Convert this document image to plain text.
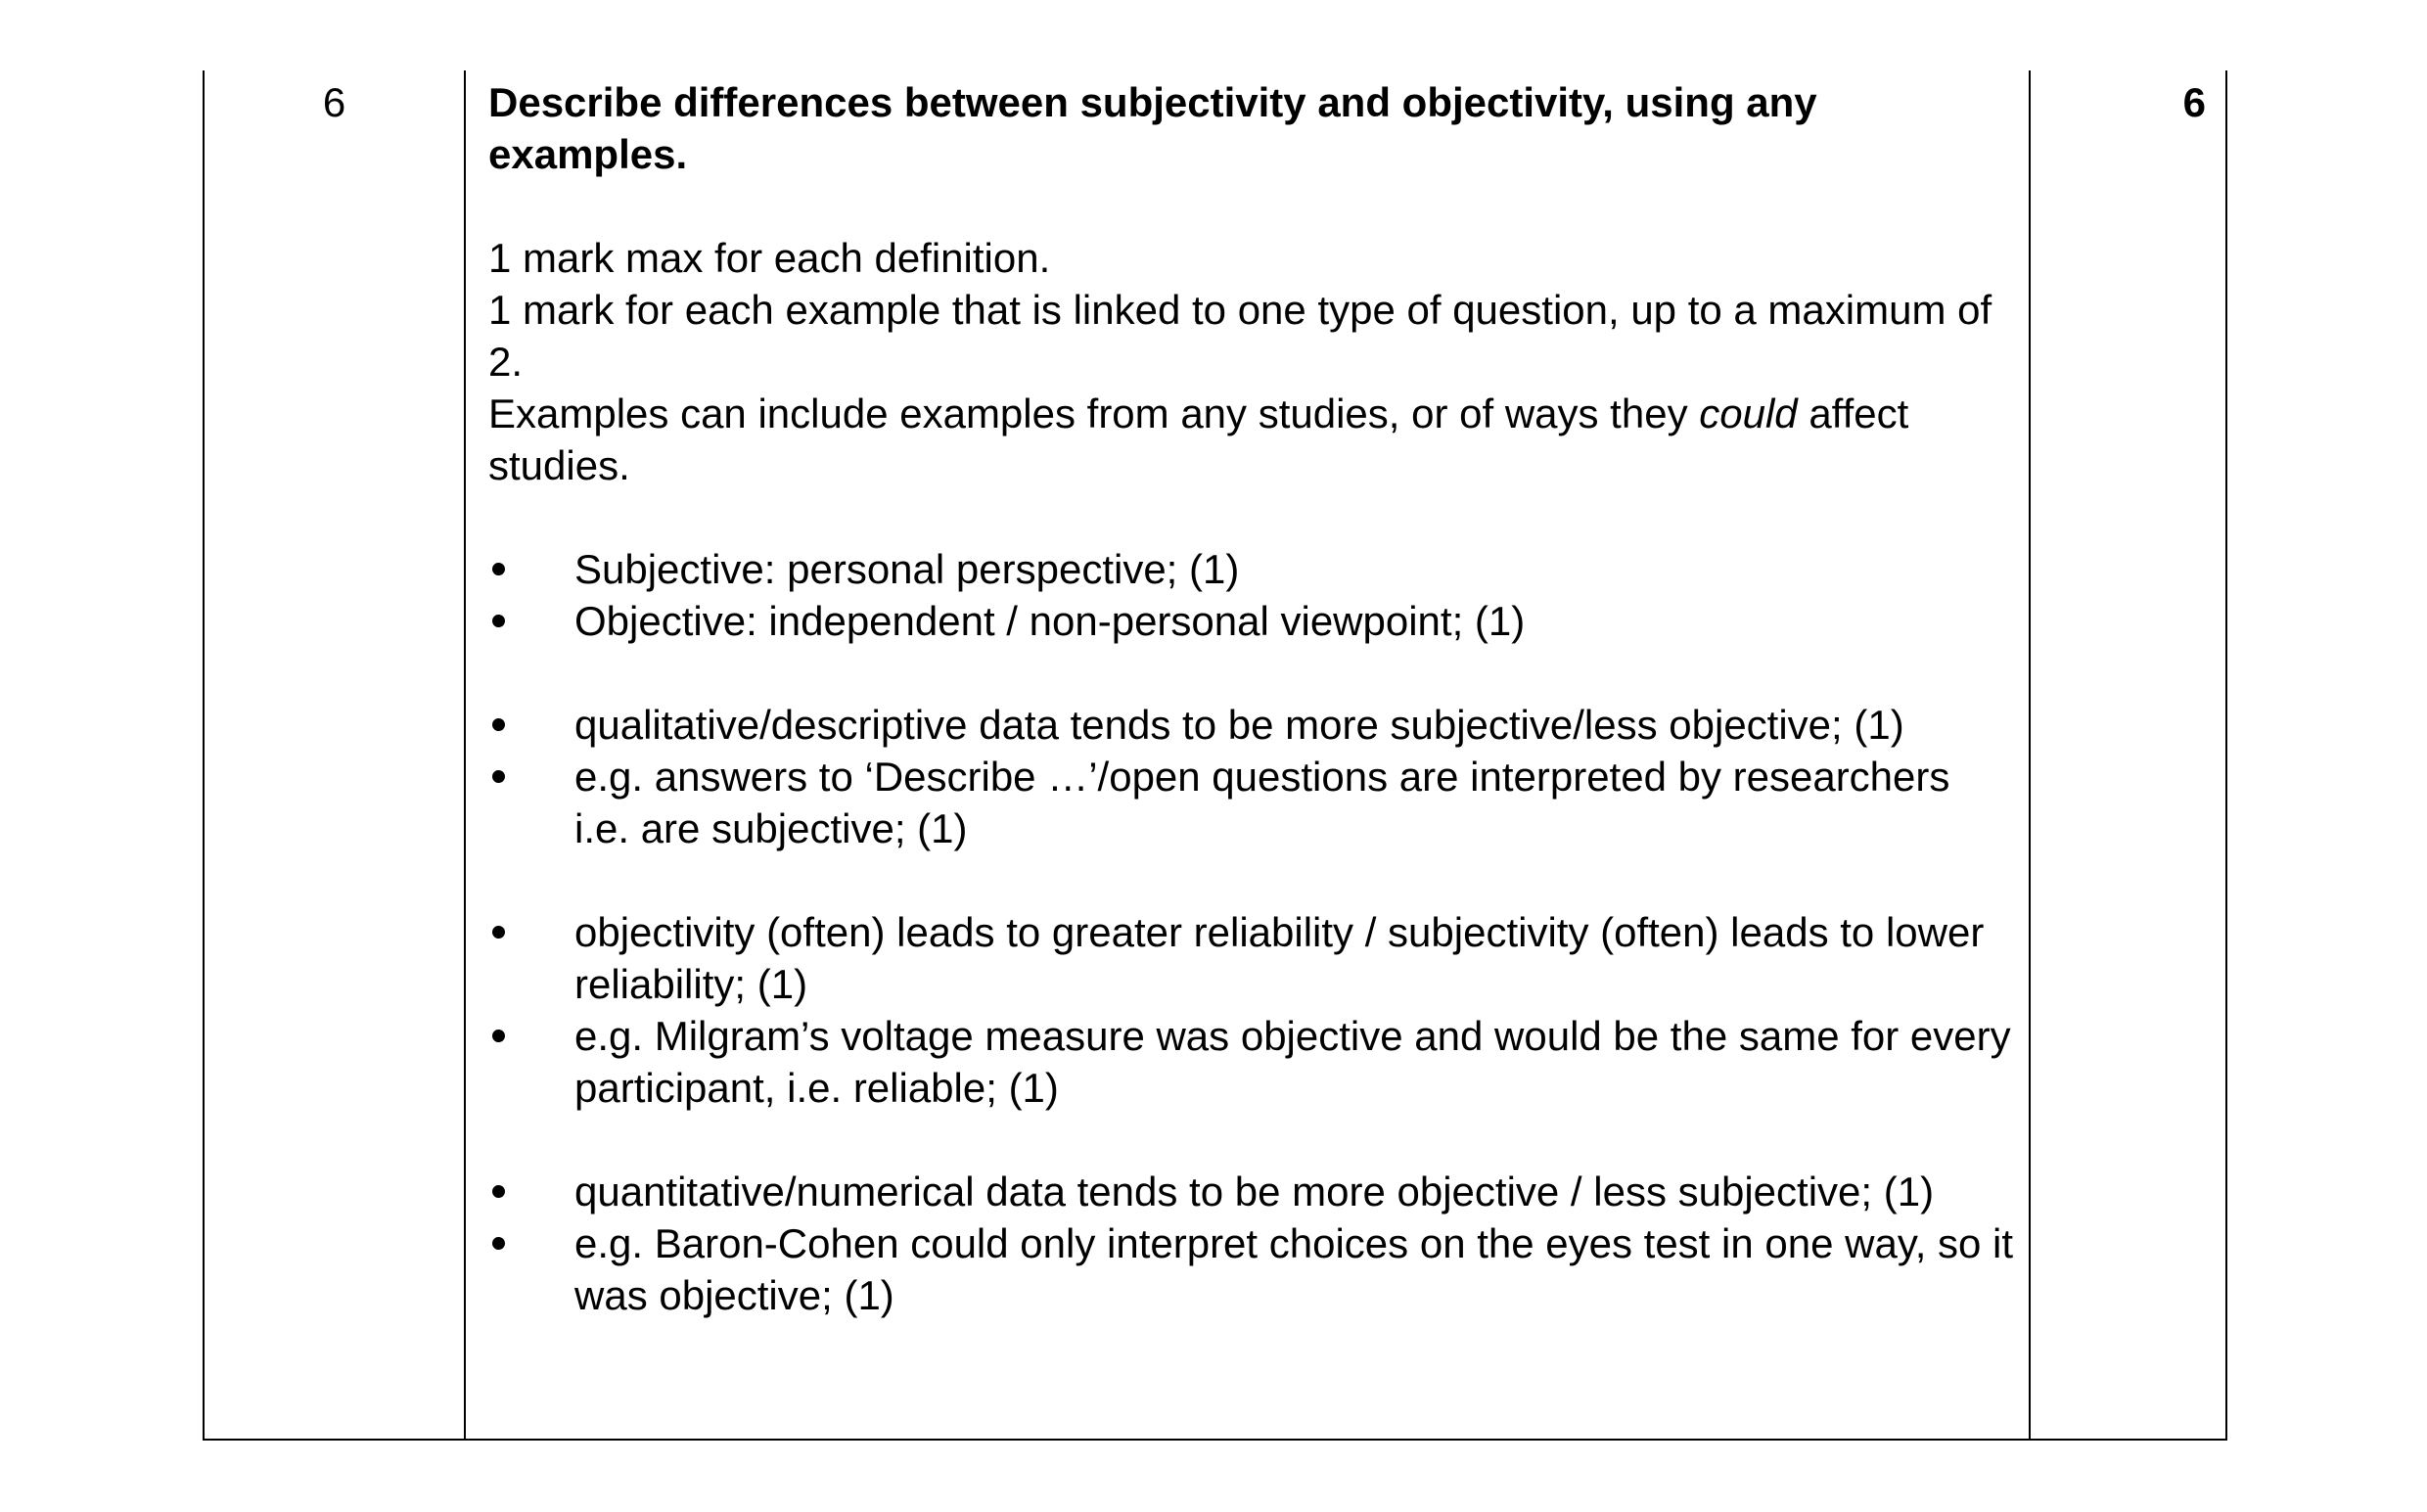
6	Describe differences between subjectivity and objectivity, using any examples.

1 mark max for each definition.

1 mark for each example that is linked to one type of question, up to a maximum of 2.

Examples can include examples from any studies, or of ways they could affect studies.

Subjective: personal perspective; (1)
Objective: independent / non-personal viewpoint; (1)
qualitative/descriptive data tends to be more subjective/less objective; (1)
e.g. answers to ‘Describe …’/open questions are interpreted by researchers i.e. are subjective; (1)
objectivity (often) leads to greater reliability / subjectivity (often) leads to lower reliability; (1)
e.g. Milgram’s voltage measure was objective and would be the same for every participant, i.e. reliable; (1)
quantitative/numerical data tends to be more objective / less subjective; (1)
e.g. Baron-Cohen could only interpret choices on the eyes test in one way, so it was objective; (1)
6
